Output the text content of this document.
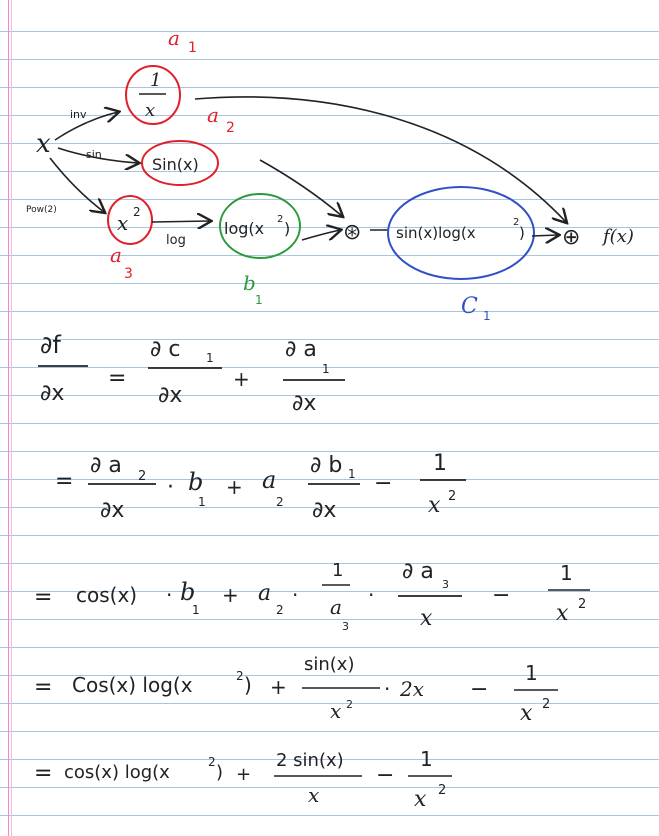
x
inv
sin
Pow(2)
1
x
a 1
Sin(x)
a
2
x 2
a
3
log
log(x 2 )
b
1
⊛ sin(x)log(x
2
)
C 1
⊕ f(x)
∂f
∂x
=
∂ c 1
∂x
+
∂ a
1
∂x
=
∂ a 2
∂x
· b
1
+ a
2
∂ b 1
∂x
−
1
x 2
= cos(x) · b
1
+ a
2
·
1
a
3
·
∂ a
3
x
−
1
x 2
= Cos(x) log(x	2 ) +
sin(x)
x 2
· 2x −
1
x 2
= cos(x) log(x	2 ) +
2 sin(x)
x
−
1
x 2
